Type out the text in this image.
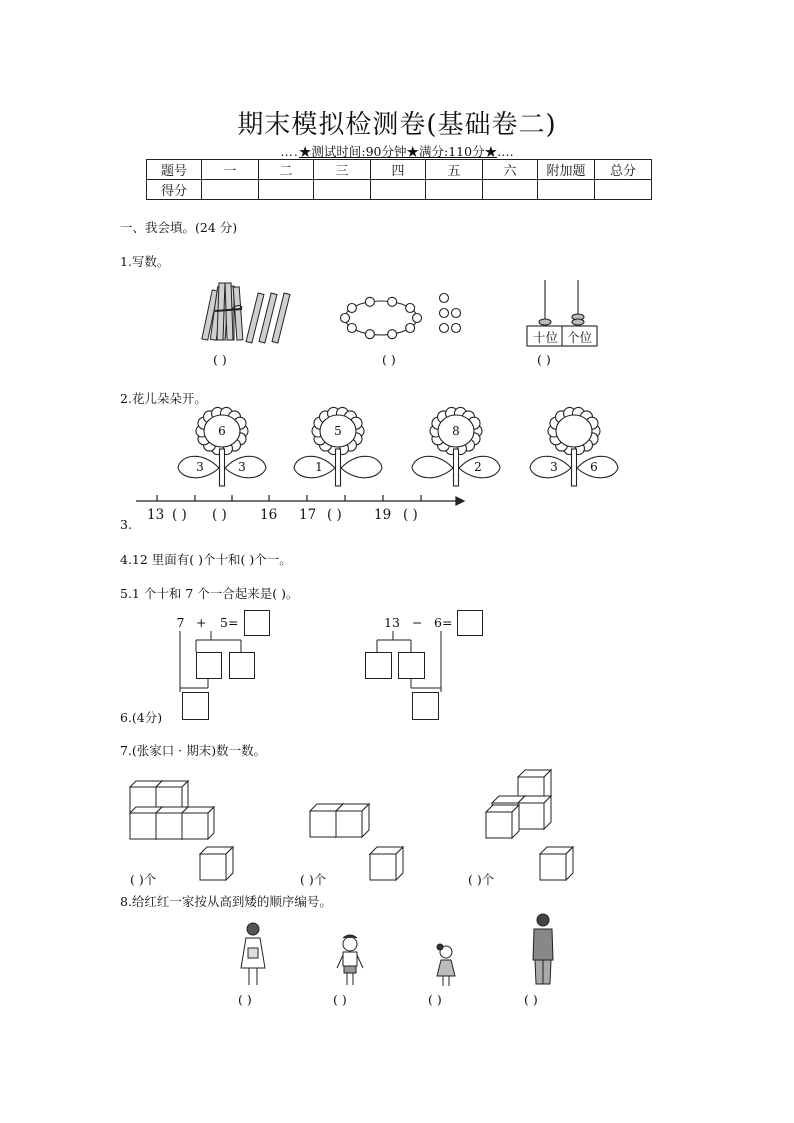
期末模拟检测卷(基础卷二)
….★测试时间:90分钟★满分:110分★….
题号	一	二	三	四	五	六	附加题	总分
得分								
一、我会填。(24 分)
1.写数。
十位 个位
( )	( )	( )
2.花儿朵朵开。
6
3	3
5
1
8
2	3	6
3.
13 ( ) ( ) 16 17 ( ) 19 ( )
4.12 里面有( )个十和( )个一。
5.1 个十和 7 个一合起来是( )。
7 + 5=	13 − 6=
6.(4分)
7.(张家口 · 期末)数一数。
( )个	( )个	( )个
8.给红红一家按从高到矮的顺序编号。
( )	( )	( )	( )
